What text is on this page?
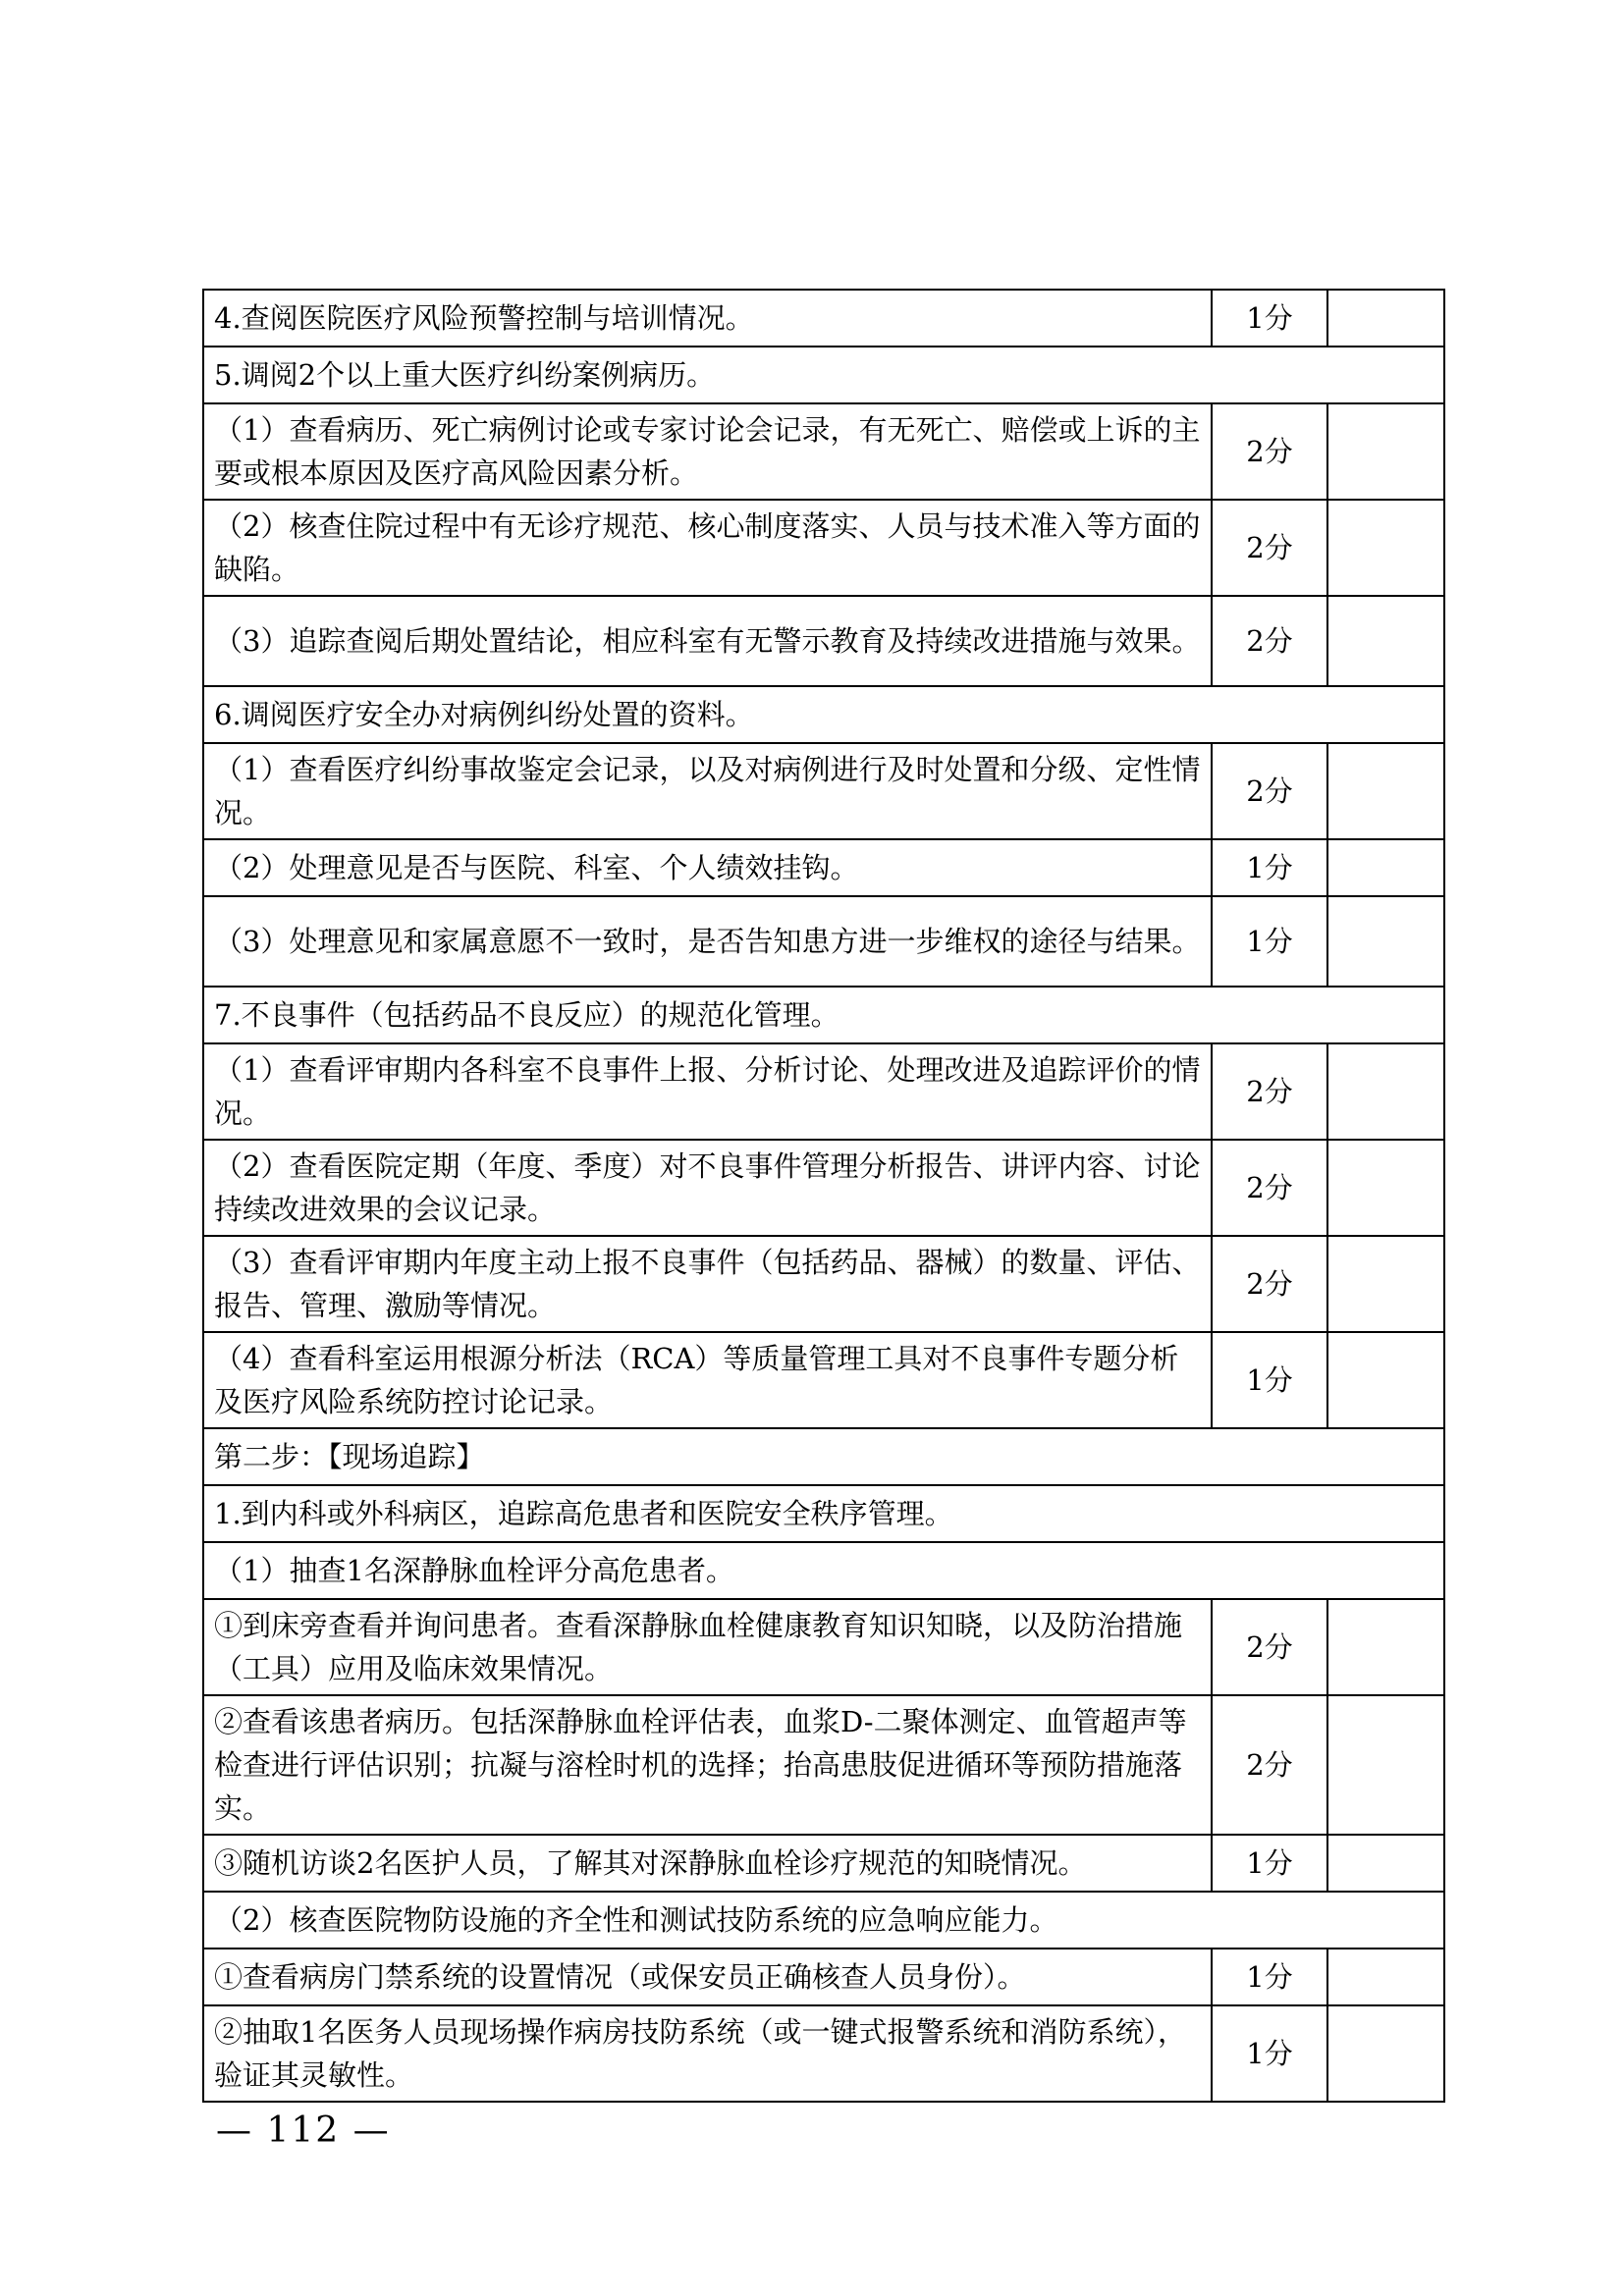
4.查阅医院医疗风险预警控制与培训情况。	1分	
5.调阅2个以上重大医疗纠纷案例病历。		
（1）查看病历、死亡病例讨论或专家讨论会记录，有无死亡、赔偿或上诉的主要或根本原因及医疗高风险因素分析。	2分	
（2）核查住院过程中有无诊疗规范、核心制度落实、人员与技术准入等方面的缺陷。	2分	
（3）追踪查阅后期处置结论，相应科室有无警示教育及持续改进措施与效果。	2分	
6.调阅医疗安全办对病例纠纷处置的资料。		
（1）查看医疗纠纷事故鉴定会记录，以及对病例进行及时处置和分级、定性情况。	2分	
（2）处理意见是否与医院、科室、个人绩效挂钩。	1分	
（3）处理意见和家属意愿不一致时，是否告知患方进一步维权的途径与结果。	1分	
7.不良事件（包括药品不良反应）的规范化管理。		
（1）查看评审期内各科室不良事件上报、分析讨论、处理改进及追踪评价的情况。	2分	
（2）查看医院定期（年度、季度）对不良事件管理分析报告、讲评内容、讨论持续改进效果的会议记录。	2分	
（3）查看评审期内年度主动上报不良事件（包括药品、器械）的数量、评估、报告、管理、激励等情况。	2分	
（4）查看科室运用根源分析法（RCA）等质量管理工具对不良事件专题分析及医疗风险系统防控讨论记录。	1分	
第二步：【现场追踪】		
1.到内科或外科病区，追踪高危患者和医院安全秩序管理。		
（1）抽查1名深静脉血栓评分高危患者。		
①到床旁查看并询问患者。查看深静脉血栓健康教育知识知晓，以及防治措施（工具）应用及临床效果情况。	2分	
②查看该患者病历。包括深静脉血栓评估表，血浆D-二聚体测定、血管超声等检查进行评估识别；抗凝与溶栓时机的选择；抬高患肢促进循环等预防措施落实。	2分	
③随机访谈2名医护人员，了解其对深静脉血栓诊疗规范的知晓情况。	1分	
（2）核查医院物防设施的齐全性和测试技防系统的应急响应能力。		
①查看病房门禁系统的设置情况（或保安员正确核查人员身份）。	1分	
②抽取1名医务人员现场操作病房技防系统（或一键式报警系统和消防系统），验证其灵敏性。	1分	
— 112 —
